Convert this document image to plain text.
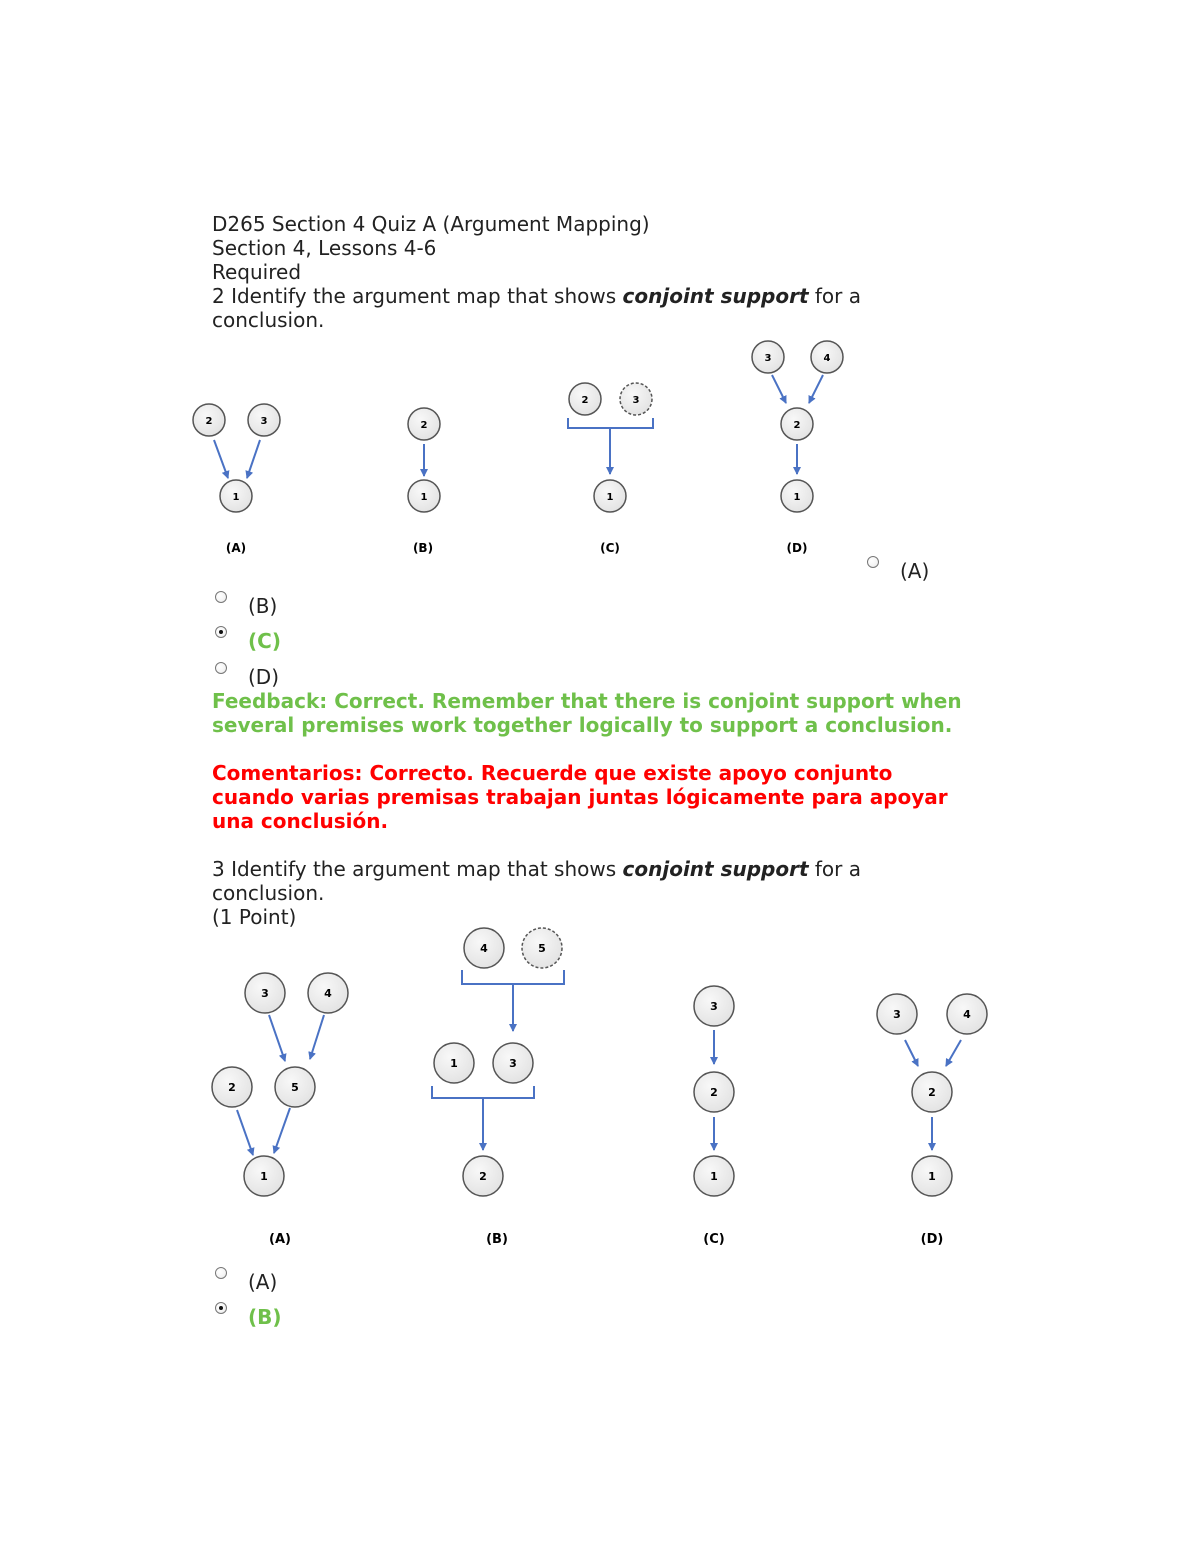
D265 Section 4 Quiz A (Argument Mapping)
Section 4, Lessons 4-6
Required
2 Identify the argument map that shows conjoint support for a
conclusion.
2	3
1
(A)
2
1
(B)
2	3
1
(C)
3	4
2
1
(D)
(A)
(B)
(C)
(D)
Feedback: Correct. Remember that there is conjoint support when
several premises work together logically to support a conclusion.
Comentarios: Correcto. Recuerde que existe apoyo conjunto
cuando varias premisas trabajan juntas lógicamente para apoyar
una conclusión.
3 Identify the argument map that shows conjoint support for a
conclusion.
(1 Point)
3	4
2	5
1
(A)
4	5
1	3
2
(B)
3
2
1
(C)
3	4
2
1
(D)
(A)
(B)
